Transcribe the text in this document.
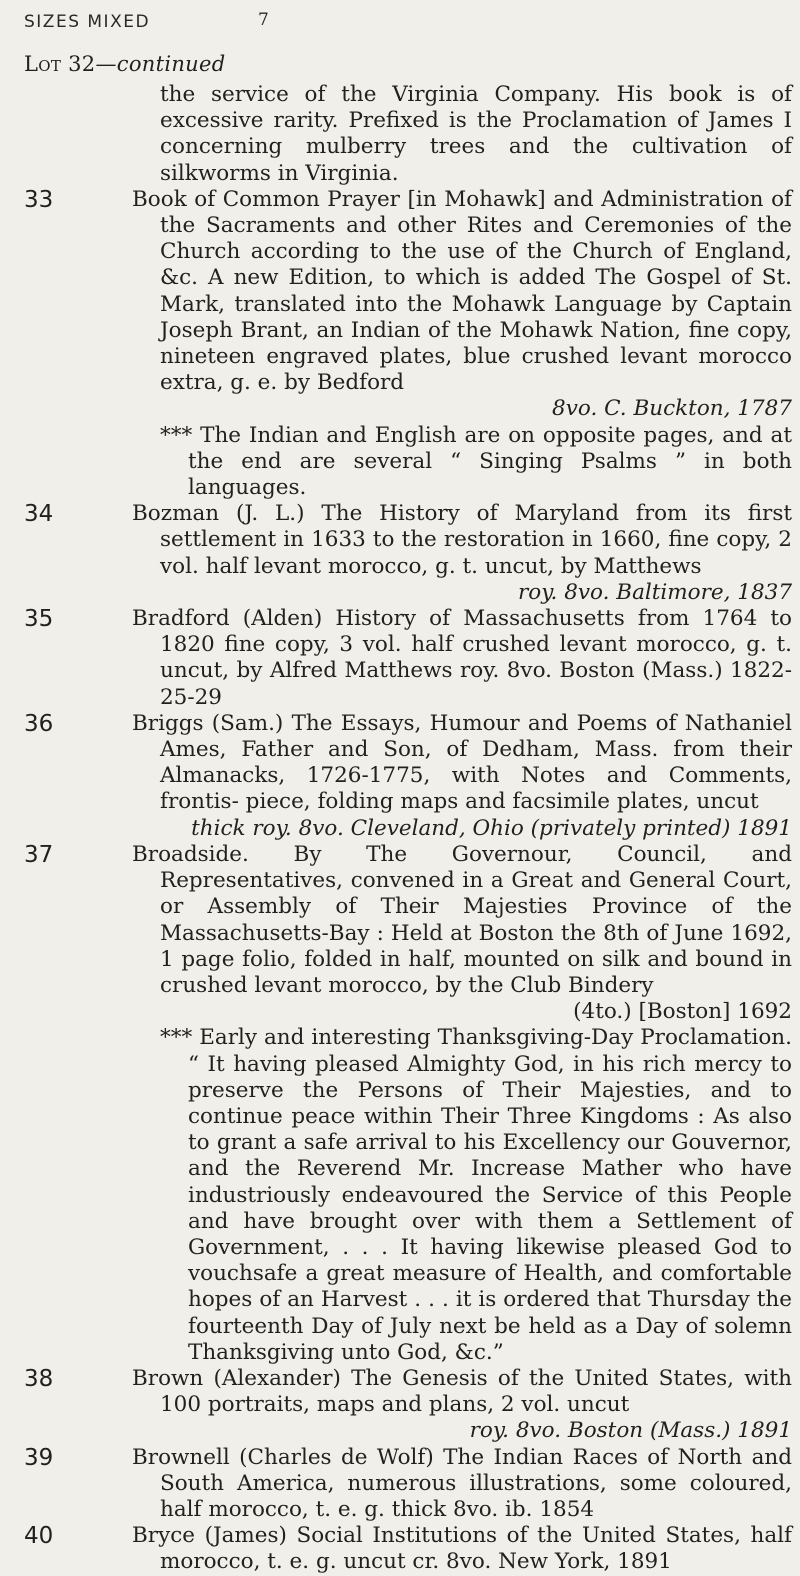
SIZES MIXED	7
Lot 32—continued
the service of the Virginia Company. His book is of excessive rarity. Prefixed is the Proclamation of James I concerning mulberry trees and the cultivation of silkworms in Virginia.
33	Book of Common Prayer [in Mohawk] and Administration of the Sacraments and other Rites and Ceremonies of the Church according to the use of the Church of England, &c. A new Edition, to which is added The Gospel of St. Mark, translated into the Mohawk Language by Captain Joseph Brant, an Indian of the Mohawk Nation, fine copy, nineteen engraved plates, blue crushed levant morocco extra, g. e. by Bedford
8vo. C. Buckton, 1787
*** The Indian and English are on opposite pages, and at the end are several “ Singing Psalms ” in both languages.
34	Bozman (J. L.) The History of Maryland from its first settlement in 1633 to the restoration in 1660, fine copy, 2 vol. half levant morocco, g. t. uncut, by Matthews
roy. 8vo. Baltimore, 1837
35	Bradford (Alden) History of Massachusetts from 1764 to 1820 fine copy, 3 vol. half crushed levant morocco, g. t. uncut, by Alfred Matthews roy. 8vo. Boston (Mass.) 1822-25-29
36	Briggs (Sam.) The Essays, Humour and Poems of Nathaniel Ames, Father and Son, of Dedham, Mass. from their Almanacks, 1726-1775, with Notes and Comments, frontis- piece, folding maps and facsimile plates, uncut
thick roy. 8vo. Cleveland, Ohio (privately printed) 1891
37	Broadside. By The Governour, Council, and Representatives, convened in a Great and General Court, or Assembly of Their Majesties Province of the Massachusetts-Bay : Held at Boston the 8th of June 1692, 1 page folio, folded in half, mounted on silk and bound in crushed levant morocco, by the Club Bindery
(4to.) [Boston] 1692
*** Early and interesting Thanksgiving-Day Proclamation. “ It having pleased Almighty God, in his rich mercy to preserve the Persons of Their Majesties, and to continue peace within Their Three Kingdoms : As also to grant a safe arrival to his Excellency our Gouvernor, and the Reverend Mr. Increase Mather who have industriously endeavoured the Service of this People and have brought over with them a Settlement of Government, . . . It having likewise pleased God to vouchsafe a great measure of Health, and comfortable hopes of an Harvest . . . it is ordered that Thursday the fourteenth Day of July next be held as a Day of solemn Thanksgiving unto God, &c.”
38	Brown (Alexander) The Genesis of the United States, with 100 portraits, maps and plans, 2 vol. uncut
roy. 8vo. Boston (Mass.) 1891
39	Brownell (Charles de Wolf) The Indian Races of North and South America, numerous illustrations, some coloured, half morocco, t. e. g. thick 8vo. ib. 1854
40	Bryce (James) Social Institutions of the United States, half morocco, t. e. g. uncut cr. 8vo. New York, 1891
